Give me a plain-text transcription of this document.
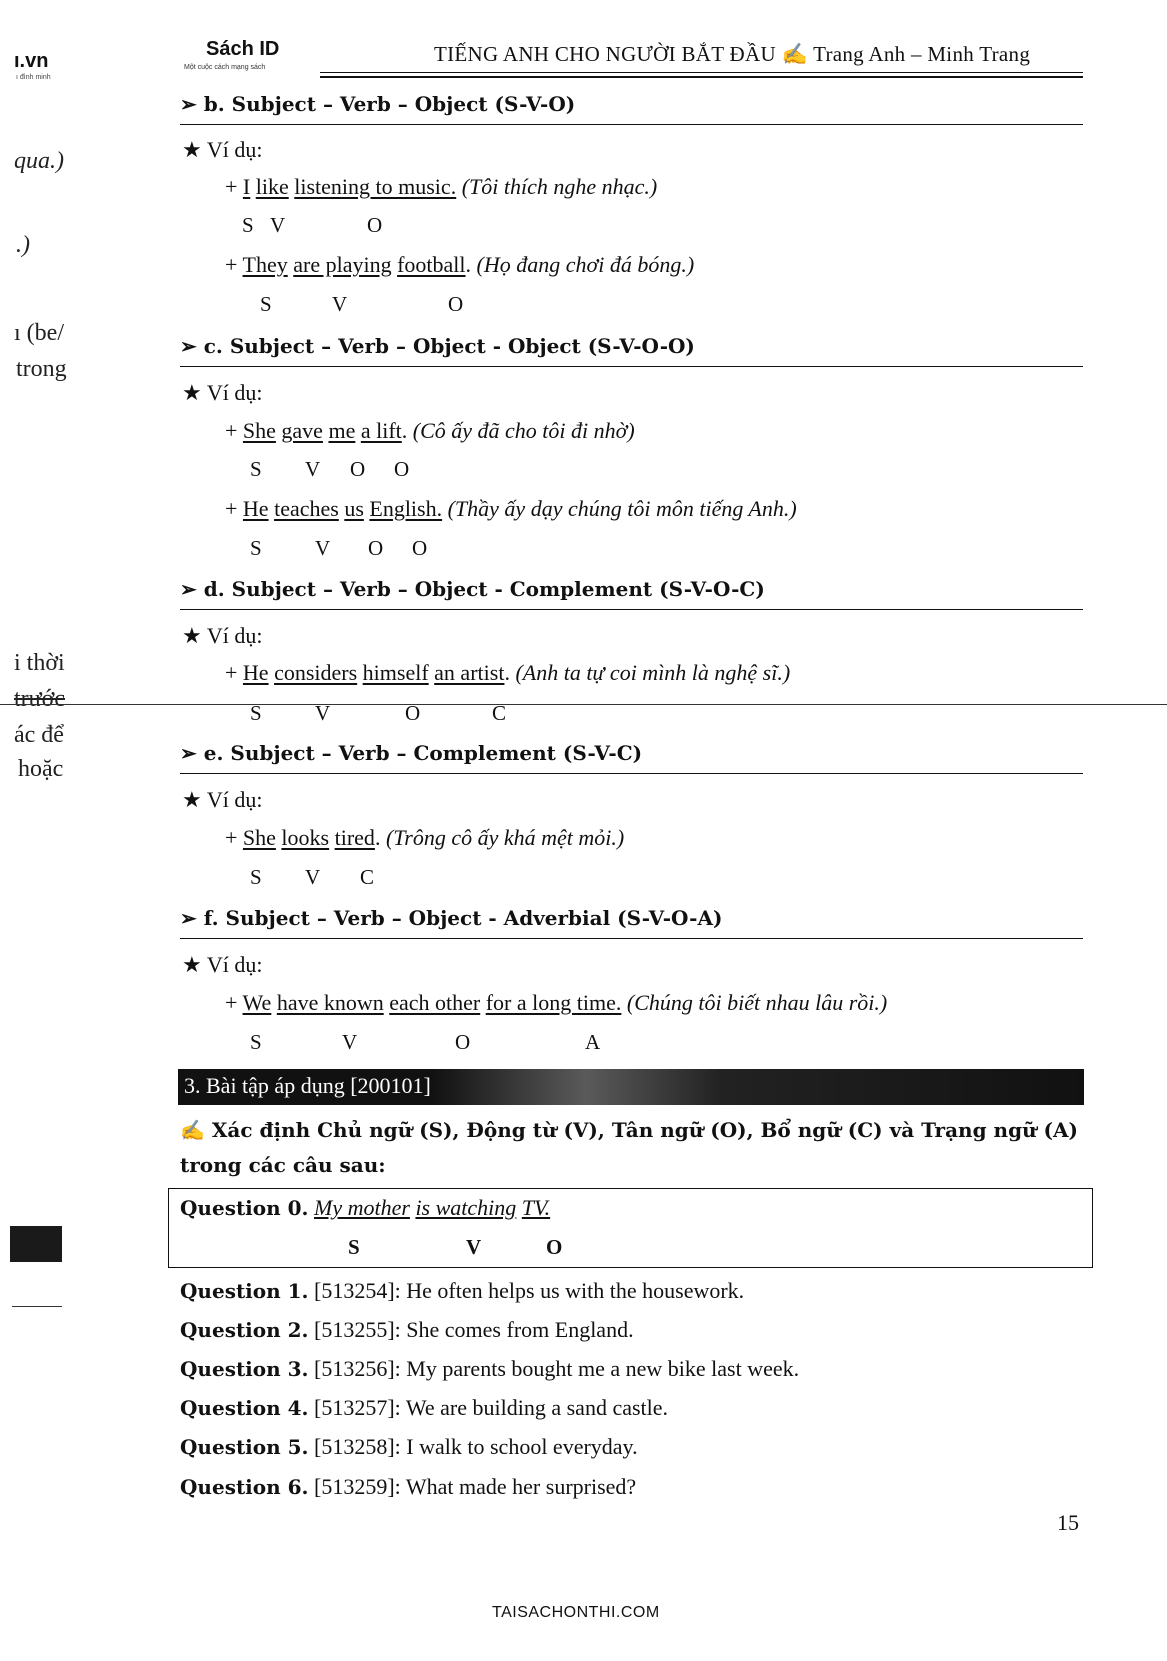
ı.vn
ı đình minh
qua.)
.)
ı (be/
trong
i thời
trước
ác để
hoặc
Sách ID
Một cuộc cách mạng sách
TIẾNG ANH CHO NGƯỜI BẮT ĐẦU ✍ Trang Anh – Minh Trang
➢ b. Subject – Verb – Object (S-V-O)
★ Ví dụ:
+ I like listening to music. (Tôi thích nghe nhạc.)
S V	O
+ They are playing football. (Họ đang chơi đá bóng.)
S	V	O
➢ c. Subject – Verb – Object - Object (S-V-O-O)
★ Ví dụ:
+ She gave me a lift. (Cô ấy đã cho tôi đi nhờ)
S V O O
+ He teaches us English. (Thầy ấy dạy chúng tôi môn tiếng Anh.)
S	V O O
➢ d. Subject – Verb – Object - Complement (S-V-O-C)
★ Ví dụ:
+ He considers himself an artist. (Anh ta tự coi mình là nghệ sĩ.)
S	V	O	C
➢ e. Subject – Verb – Complement (S-V-C)
★ Ví dụ:
+ She looks tired. (Trông cô ấy khá mệt mỏi.)
S V C
➢ f. Subject – Verb – Object - Adverbial (S-V-O-A)
★ Ví dụ:
+ We have known each other for a long time. (Chúng tôi biết nhau lâu rồi.)
S	V	O	A
3. Bài tập áp dụng [200101]
✍ Xác định Chủ ngữ (S), Động từ (V), Tân ngữ (O), Bổ ngữ (C) và Trạng ngữ (A)
trong các câu sau:
Question 0. My mother is watching TV.
S	V	O
Question 1. [513254]: He often helps us with the housework.
Question 2. [513255]: She comes from England.
Question 3. [513256]: My parents bought me a new bike last week.
Question 4. [513257]: We are building a sand castle.
Question 5. [513258]: I walk to school everyday.
Question 6. [513259]: What made her surprised?
15
TAISACHONTHI.COM
